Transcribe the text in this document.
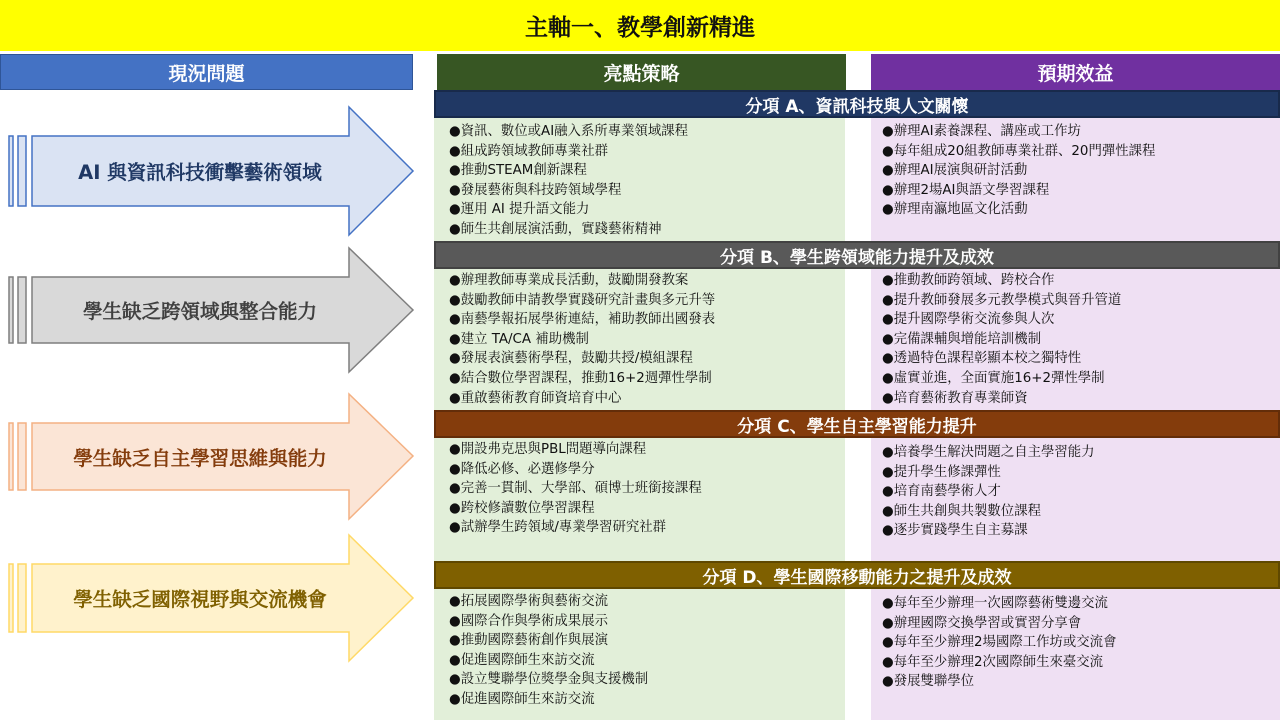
主軸一、教學創新精進
現況問題	亮點策略	預期效益
AI 與資訊科技衝擊藝術領域
學生缺乏跨領域與整合能力
學生缺乏自主學習思維與能力
學生缺乏國際視野與交流機會
分項 A、資訊科技與人文關懷
●資訊、數位或AI融入系所專業領域課程
●組成跨領域教師專業社群
●推動STEAM創新課程
●發展藝術與科技跨領域學程
●運用 AI 提升語文能力
●師生共創展演活動，實踐藝術精神
●辦理AI素養課程、講座或工作坊
●每年組成20組教師專業社群、20門彈性課程
●辦理AI展演與研討活動
●辦理2場AI與語文學習課程
●辦理南瀛地區文化活動
分項 B、學生跨領域能力提升及成效
●辦理教師專業成長活動，鼓勵開發教案
●鼓勵教師申請教學實踐研究計畫與多元升等
●南藝學報拓展學術連結，補助教師出國發表
●建立 TA/CA 補助機制
●發展表演藝術學程，鼓勵共授/模組課程
●結合數位學習課程，推動16+2週彈性學制
●重啟藝術教育師資培育中心
●推動教師跨領域、跨校合作
●提升教師發展多元教學模式與晉升管道
●提升國際學術交流參與人次
●完備課輔與增能培訓機制
●透過特色課程彰顯本校之獨特性
●虛實並進，全面實施16+2彈性學制
●培育藝術教育專業師資
分項 C、學生自主學習能力提升
●開設弗克思與PBL問題導向課程
●降低必修、必選修學分
●完善一貫制、大學部、碩博士班銜接課程
●跨校修讀數位學習課程
●試辦學生跨領域/專業學習研究社群
●培養學生解決問題之自主學習能力
●提升學生修課彈性
●培育南藝學術人才
●師生共創與共製數位課程
●逐步實踐學生自主募課
分項 D、學生國際移動能力之提升及成效
●拓展國際學術與藝術交流
●國際合作與學術成果展示
●推動國際藝術創作與展演
●促進國際師生來訪交流
●設立雙聯學位獎學金與支援機制
●促進國際師生來訪交流
●每年至少辦理一次國際藝術雙邊交流
●辦理國際交換學習或實習分享會
●每年至少辦理2場國際工作坊或交流會
●每年至少辦理2次國際師生來臺交流
●發展雙聯學位
